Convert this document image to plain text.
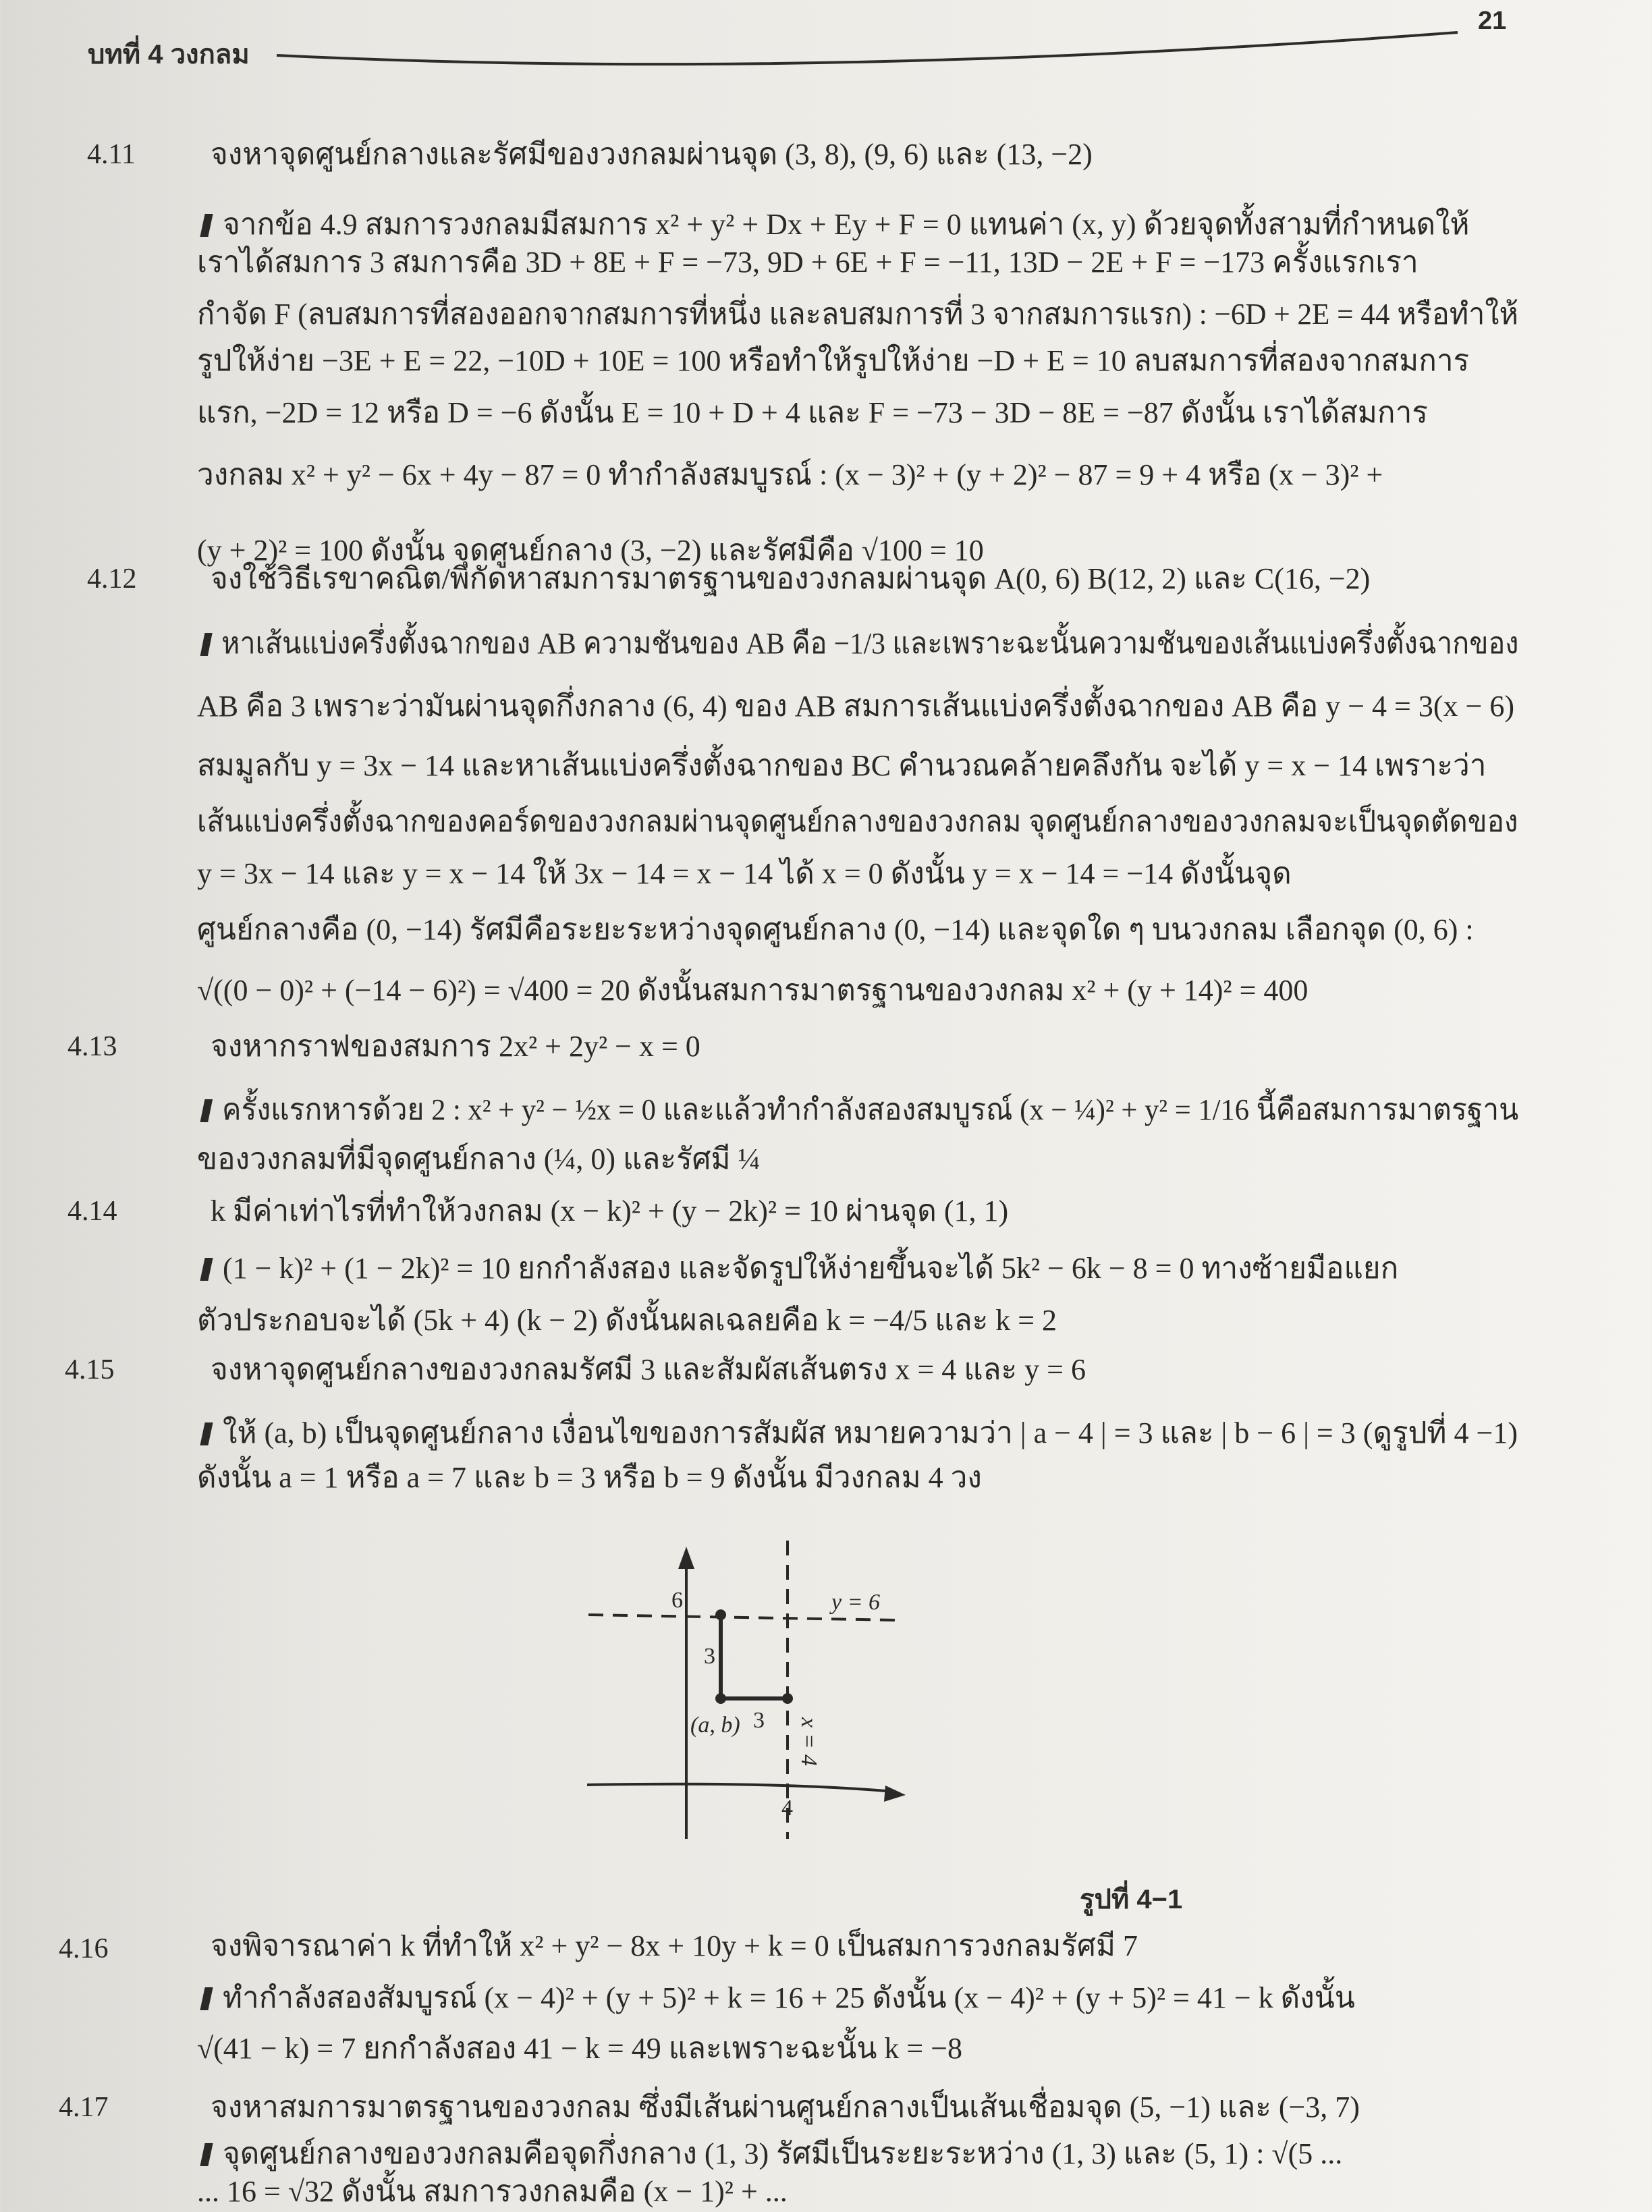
บทที่ 4 วงกลม
21
4.11	จงหาจุดศูนย์กลางและรัศมีของวงกลมผ่านจุด (3, 8), (9, 6) และ (13, −2)
จากข้อ 4.9 สมการวงกลมมีสมการ x² + y² + Dx + Ey + F = 0 แทนค่า (x, y) ด้วยจุดทั้งสามที่กำหนดให้
เราได้สมการ 3 สมการคือ 3D + 8E + F = −73, 9D + 6E + F = −11, 13D − 2E + F = −173 ครั้งแรกเรา
กำจัด F (ลบสมการที่สองออกจากสมการที่หนึ่ง และลบสมการที่ 3 จากสมการแรก) : −6D + 2E = 44 หรือทำให้
รูปให้ง่าย −3E + E = 22, −10D + 10E = 100 หรือทำให้รูปให้ง่าย −D + E = 10 ลบสมการที่สองจากสมการ
แรก, −2D = 12 หรือ D = −6 ดังนั้น E = 10 + D + 4 และ F = −73 − 3D − 8E = −87 ดังนั้น เราได้สมการ
วงกลม x² + y² − 6x + 4y − 87 = 0 ทำกำลังสมบูรณ์ : (x − 3)² + (y + 2)² − 87 = 9 + 4 หรือ (x − 3)² +
(y + 2)² = 100 ดังนั้น จุดศูนย์กลาง (3, −2) และรัศมีคือ √100 = 10
4.12 จงใช้วิธีเรขาคณิต/พิกัดหาสมการมาตรฐานของวงกลมผ่านจุด A(0, 6) B(12, 2) และ C(16, −2)
หาเส้นแบ่งครึ่งตั้งฉากของ AB ความชันของ AB คือ −1/3 และเพราะฉะนั้นความชันของเส้นแบ่งครึ่งตั้งฉากของ
AB คือ 3 เพราะว่ามันผ่านจุดกึ่งกลาง (6, 4) ของ AB สมการเส้นแบ่งครึ่งตั้งฉากของ AB คือ y − 4 = 3(x − 6)
สมมูลกับ y = 3x − 14 และหาเส้นแบ่งครึ่งตั้งฉากของ BC คำนวณคล้ายคลึงกัน จะได้ y = x − 14 เพราะว่า
เส้นแบ่งครึ่งตั้งฉากของคอร์ดของวงกลมผ่านจุดศูนย์กลางของวงกลม จุดศูนย์กลางของวงกลมจะเป็นจุดตัดของ
y = 3x − 14 และ y = x − 14 ให้ 3x − 14 = x − 14 ได้ x = 0 ดังนั้น y = x − 14 = −14 ดังนั้นจุด
ศูนย์กลางคือ (0, −14) รัศมีคือระยะระหว่างจุดศูนย์กลาง (0, −14) และจุดใด ๆ บนวงกลม เลือกจุด (0, 6) :
√((0 − 0)² + (−14 − 6)²) = √400 = 20 ดังนั้นสมการมาตรฐานของวงกลม x² + (y + 14)² = 400
4.13	จงหากราฟของสมการ 2x² + 2y² − x = 0
ครั้งแรกหารด้วย 2 : x² + y² − ½x = 0 และแล้วทำกำลังสองสมบูรณ์ (x − ¼)² + y² = 1/16 นี้คือสมการมาตรฐาน
ของวงกลมที่มีจุดศูนย์กลาง (¼, 0) และรัศมี ¼
4.14	k มีค่าเท่าไรที่ทำให้วงกลม (x − k)² + (y − 2k)² = 10 ผ่านจุด (1, 1)
(1 − k)² + (1 − 2k)² = 10 ยกกำลังสอง และจัดรูปให้ง่ายขึ้นจะได้ 5k² − 6k − 8 = 0 ทางซ้ายมือแยก
ตัวประกอบจะได้ (5k + 4) (k − 2) ดังนั้นผลเฉลยคือ k = −4/5 และ k = 2
4.15	จงหาจุดศูนย์กลางของวงกลมรัศมี 3 และสัมผัสเส้นตรง x = 4 และ y = 6
ให้ (a, b) เป็นจุดศูนย์กลาง เงื่อนไขของการสัมผัส หมายความว่า | a − 4 | = 3 และ | b − 6 | = 3 (ดูรูปที่ 4 −1)
ดังนั้น a = 1 หรือ a = 7 และ b = 3 หรือ b = 9 ดังนั้น มีวงกลม 4 วง
4.16	จงพิจารณาค่า k ที่ทำให้ x² + y² − 8x + 10y + k = 0 เป็นสมการวงกลมรัศมี 7
ทำกำลังสองสัมบูรณ์ (x − 4)² + (y + 5)² + k = 16 + 25 ดังนั้น (x − 4)² + (y + 5)² = 41 − k ดังนั้น
√(41 − k) = 7 ยกกำลังสอง 41 − k = 49 และเพราะฉะนั้น k = −8
4.17	จงหาสมการมาตรฐานของวงกลม ซึ่งมีเส้นผ่านศูนย์กลางเป็นเส้นเชื่อมจุด (5, −1) และ (−3, 7)
จุดศูนย์กลางของวงกลมคือจุดกึ่งกลาง (1, 3) รัศมีเป็นระยะระหว่าง (1, 3) และ (5, 1) : √(5 ...
... 16 = √32 ดังนั้น สมการวงกลมคือ (x − 1)² + ...
6	y = 6
3
(a, b) 3 x = 4
4
รูปที่ 4−1
